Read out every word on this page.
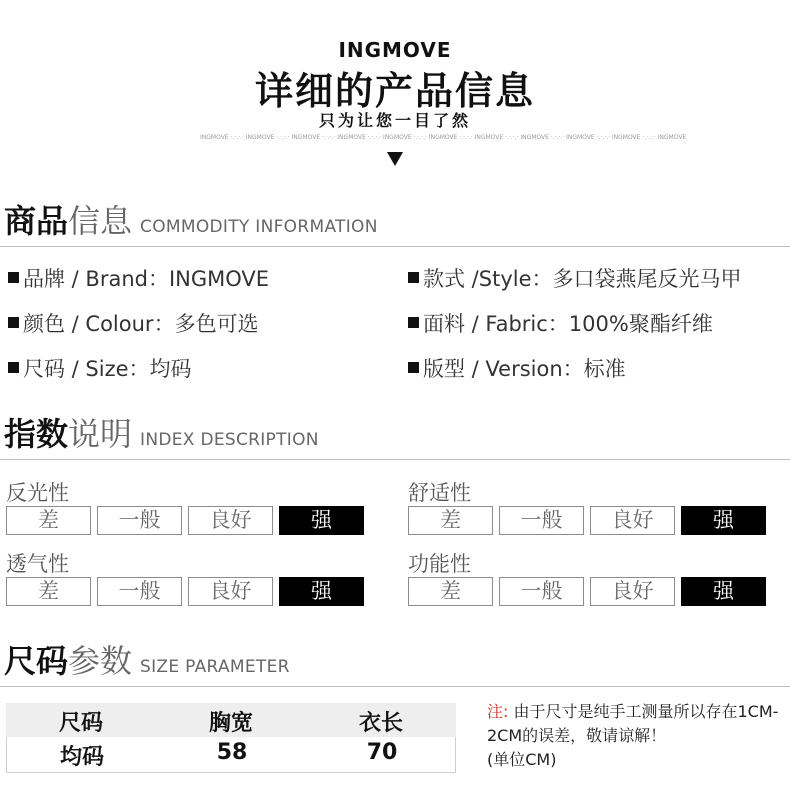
INGMOVE
详细的产品信息
只为让您一目了然
INGMOVE ·.·.·.· INGMOVE ·.·.·.· INGMOVE ·.·.·.· INGMOVE ·.·.·.· INGMOVE ·.·.·.· INGMOVE ·.·.·.· INGMOVE ·.·.·.· INGMOVE ·.·.·.· INGMOVE ·.·.·.· INGMOVE ·.·.·.· INGMOVE
商品信息 COMMODITY INFORMATION
品牌 / Brand：INGMOVE
颜色 / Colour：多色可选
尺码 / Size：均码
款式 /Style：多口袋燕尾反光马甲
面料 / Fabric：100%聚酯纤维
版型 / Version：标准
指数说明 INDEX DESCRIPTION
反光性
差	一般	良好	强
舒适性
差	一般	良好	强
透气性
差	一般	良好	强
功能性
差	一般	良好	强
尺码参数 SIZE PARAMETER
尺码	胸宽	衣长
均码	58	70
注: 由于尺寸是纯手工测量所以存在1CM-2CM的误差，敬请谅解！
(单位CM)
